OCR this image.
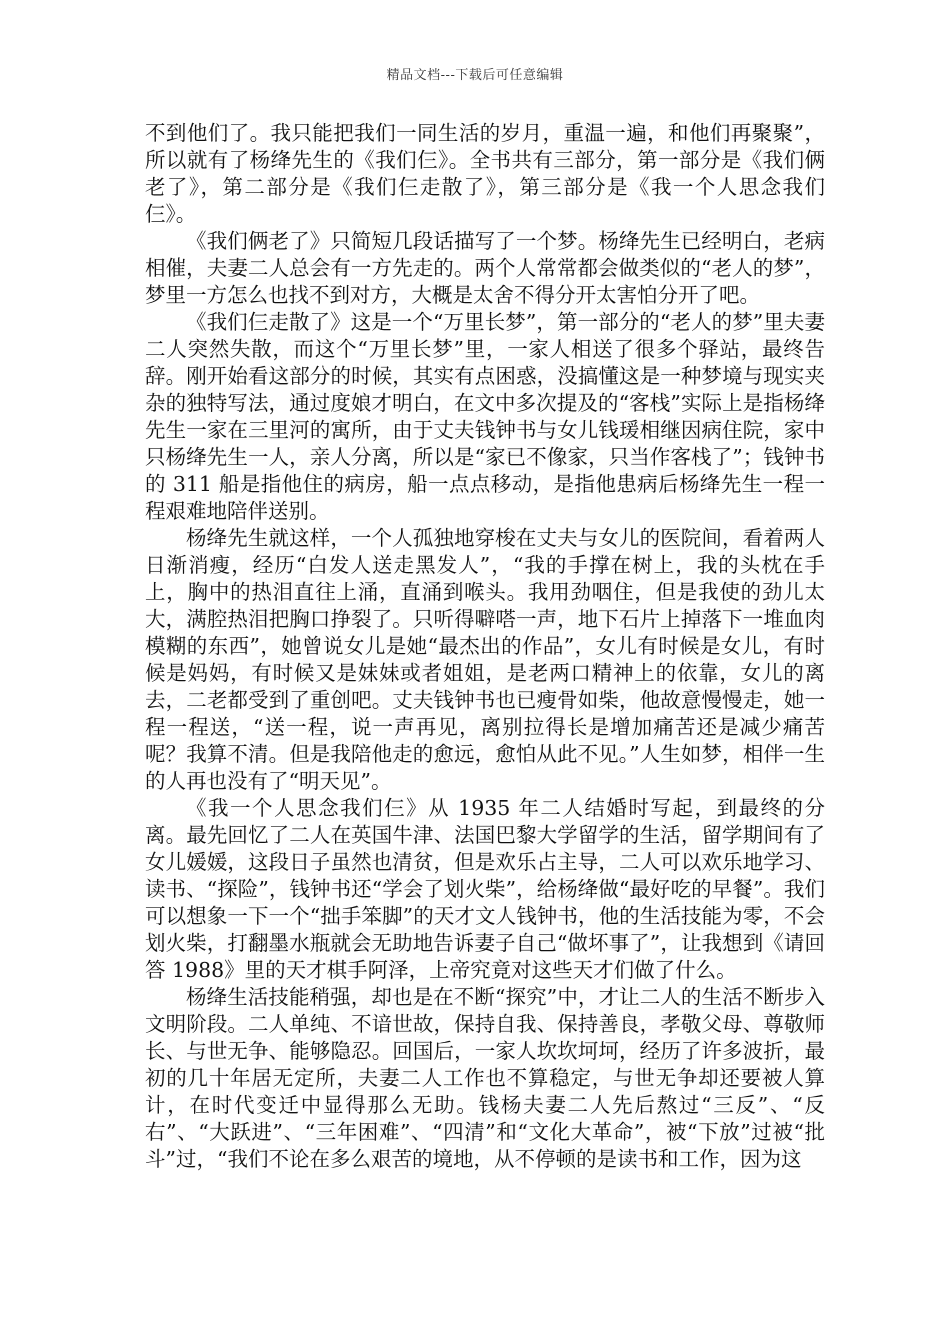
精品文档---下载后可任意编辑

不到他们了。我只能把我们一同生活的岁月，重温一遍，和他们再聚聚”，所以就有了杨绛先生的《我们仨》。全书共有三部分，第一部分是《我们俩老了》，第二部分是《我们仨走散了》，第三部分是《我一个人思念我们仨》。

《我们俩老了》只简短几段话描写了一个梦。杨绛先生已经明白，老病相催，夫妻二人总会有一方先走的。两个人常常都会做类似的“老人的梦”，梦里一方怎么也找不到对方，大概是太舍不得分开太害怕分开了吧。

《我们仨走散了》这是一个“万里长梦”，第一部分的“老人的梦”里夫妻二人突然失散，而这个“万里长梦”里，一家人相送了很多个驿站，最终告辞。刚开始看这部分的时候，其实有点困惑，没搞懂这是一种梦境与现实夹杂的独特写法，通过度娘才明白，在文中多次提及的“客栈”实际上是指杨绛先生一家在三里河的寓所，由于丈夫钱钟书与女儿钱瑗相继因病住院，家中只杨绛先生一人，亲人分离，所以是“家已不像家，只当作客栈了”；钱钟书的 311 船是指他住的病房，船一点点移动，是指他患病后杨绛先生一程一程艰难地陪伴送别。

杨绛先生就这样，一个人孤独地穿梭在丈夫与女儿的医院间，看着两人日渐消瘦，经历“白发人送走黑发人”，“我的手撑在树上，我的头枕在手上，胸中的热泪直往上涌，直涌到喉头。我用劲咽住，但是我使的劲儿太大，满腔热泪把胸口挣裂了。只听得噼嗒一声，地下石片上掉落下一堆血肉模糊的东西”，她曾说女儿是她“最杰出的作品”，女儿有时候是女儿，有时候是妈妈，有时候又是妹妹或者姐姐，是老两口精神上的依靠，女儿的离去，二老都受到了重创吧。丈夫钱钟书也已瘦骨如柴，他故意慢慢走，她一程一程送，“送一程，说一声再见，离别拉得长是增加痛苦还是减少痛苦呢？我算不清。但是我陪他走的愈远，愈怕从此不见。”人生如梦，相伴一生的人再也没有了“明天见”。

《我一个人思念我们仨》从 1935 年二人结婚时写起，到最终的分离。最先回忆了二人在英国牛津、法国巴黎大学留学的生活，留学期间有了女儿媛媛，这段日子虽然也清贫，但是欢乐占主导，二人可以欢乐地学习、读书、“探险”，钱钟书还“学会了划火柴”，给杨绛做“最好吃的早餐”。我们可以想象一下一个“拙手笨脚”的天才文人钱钟书，他的生活技能为零，不会划火柴，打翻墨水瓶就会无助地告诉妻子自己“做坏事了”，让我想到《请回答 1988》里的天才棋手阿泽，上帝究竟对这些天才们做了什么。

杨绛生活技能稍强，却也是在不断“探究”中，才让二人的生活不断步入文明阶段。二人单纯、不谙世故，保持自我、保持善良，孝敬父母、尊敬师长、与世无争、能够隐忍。回国后，一家人坎坎坷坷，经历了许多波折，最初的几十年居无定所，夫妻二人工作也不算稳定，与世无争却还要被人算计，在时代变迁中显得那么无助。钱杨夫妻二人先后熬过“三反”、“反右”、“大跃进”、“三年困难”、“四清”和“文化大革命”，被“下放”过被“批斗”过，“我们不论在多么艰苦的境地，从不停顿的是读书和工作，因为这
